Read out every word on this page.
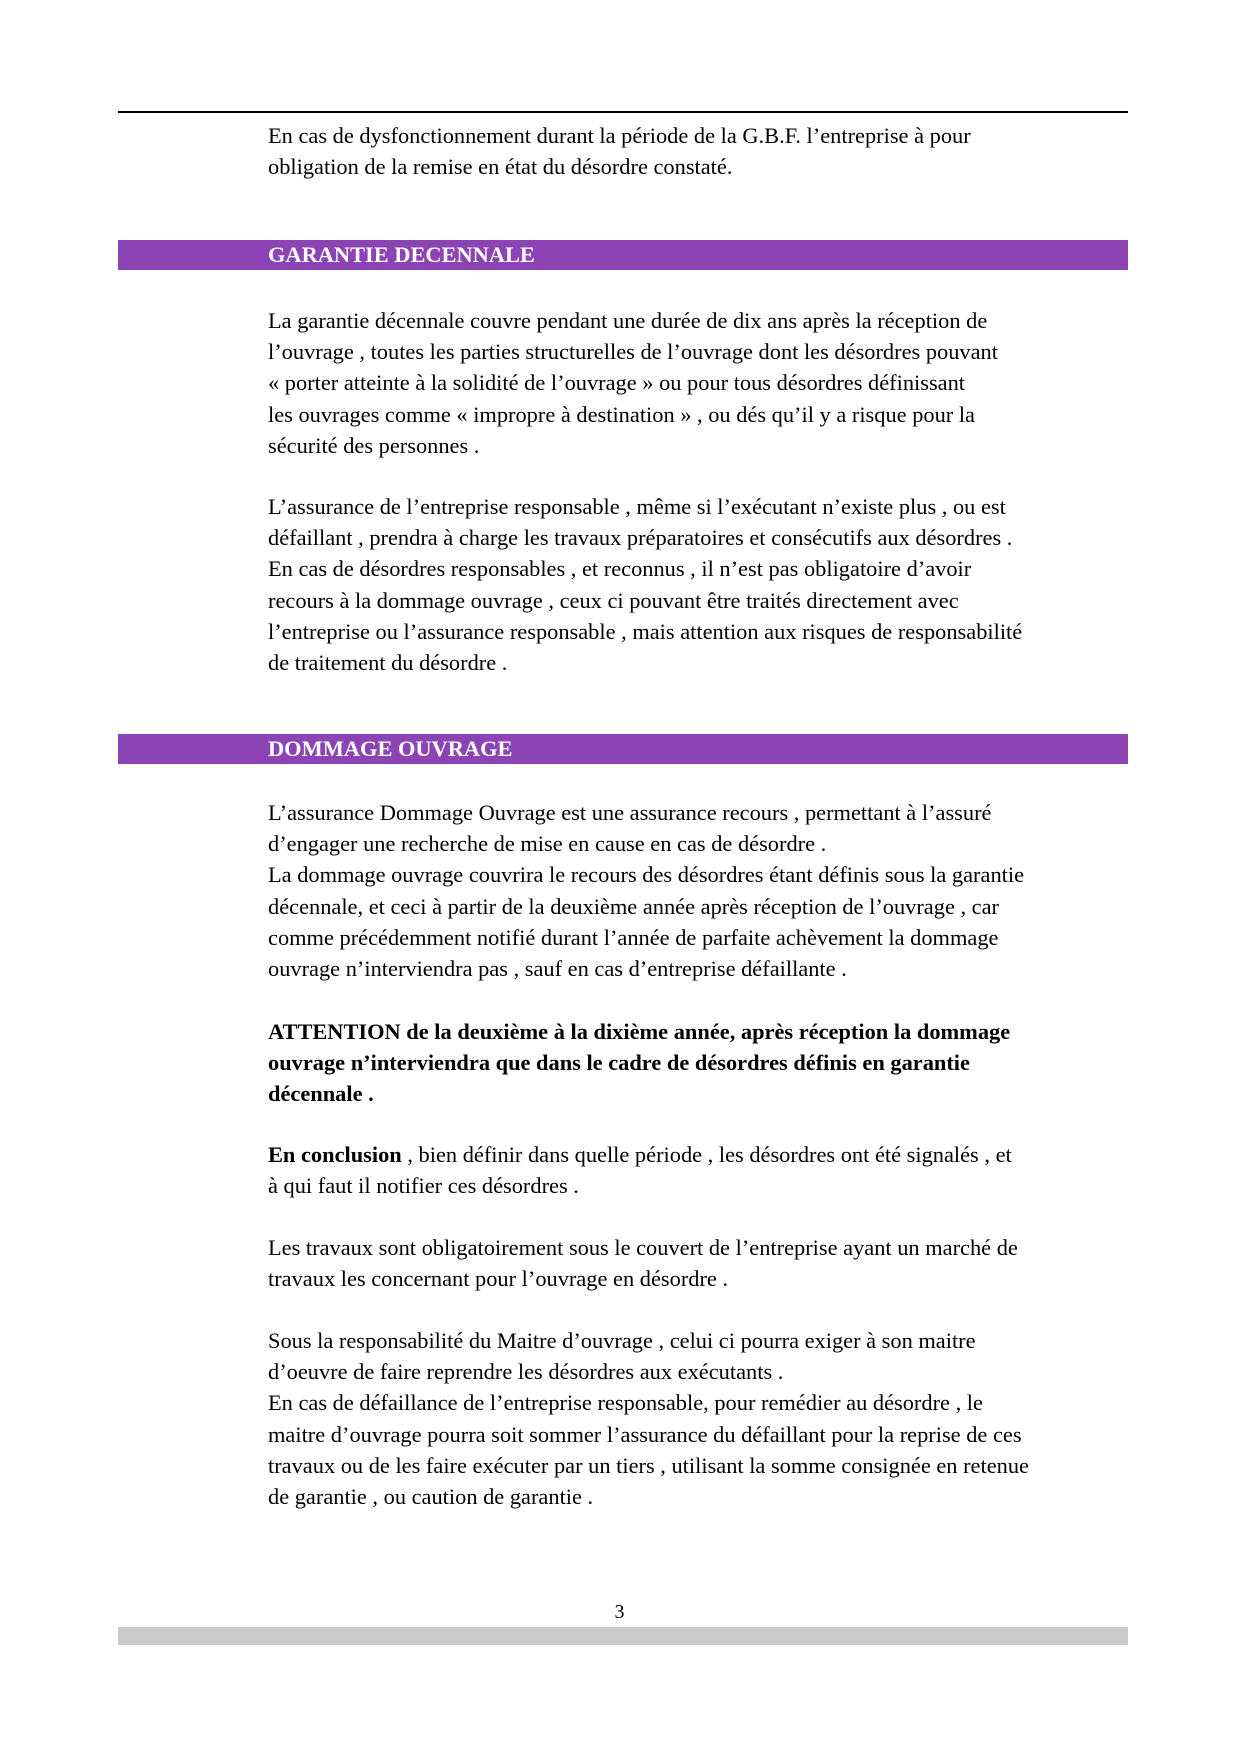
En cas de dysfonctionnement durant la période de la G.B.F. l’entreprise à pour
obligation de la remise en état du désordre constaté.

GARANTIE DECENNALE

La garantie décennale couvre pendant une durée de dix ans après la réception de
l’ouvrage , toutes les parties structurelles de l’ouvrage dont les désordres pouvant
« porter atteinte à la solidité de l’ouvrage » ou pour tous désordres définissant
les ouvrages comme « impropre à destination » , ou dés qu’il y a risque pour la
sécurité des personnes .

L’assurance de l’entreprise responsable , même si l’exécutant n’existe plus , ou est
défaillant , prendra à charge les travaux préparatoires et consécutifs aux désordres .
En cas de désordres responsables , et reconnus , il n’est pas obligatoire d’avoir
recours à la dommage ouvrage , ceux ci pouvant être traités directement avec
l’entreprise ou l’assurance responsable , mais attention aux risques de responsabilité
de traitement du désordre .

DOMMAGE OUVRAGE

L’assurance Dommage Ouvrage est une assurance recours , permettant à l’assuré
d’engager une recherche de mise en cause en cas de désordre .
La dommage ouvrage couvrira le recours des désordres étant définis sous la garantie
décennale, et ceci à partir de la deuxième année après réception de l’ouvrage , car
comme précédemment notifié durant l’année de parfaite achèvement la dommage
ouvrage n’interviendra pas , sauf en cas d’entreprise défaillante .

ATTENTION de la deuxième à la dixième année, après réception la dommage
ouvrage n’interviendra que dans le cadre de désordres définis en garantie
décennale .

En conclusion , bien définir dans quelle période , les désordres ont été signalés , et
à qui faut il notifier ces désordres .

Les travaux sont obligatoirement sous le couvert de l’entreprise ayant un marché de
travaux les concernant pour l’ouvrage en désordre .

Sous la responsabilité du Maitre d’ouvrage , celui ci pourra exiger à son maitre
d’oeuvre de faire reprendre les désordres aux exécutants .
En cas de défaillance de l’entreprise responsable, pour remédier au désordre , le
maitre d’ouvrage pourra soit sommer l’assurance du défaillant pour la reprise de ces
travaux ou de les faire exécuter par un tiers , utilisant la somme consignée en retenue
de garantie , ou caution de garantie .

3
